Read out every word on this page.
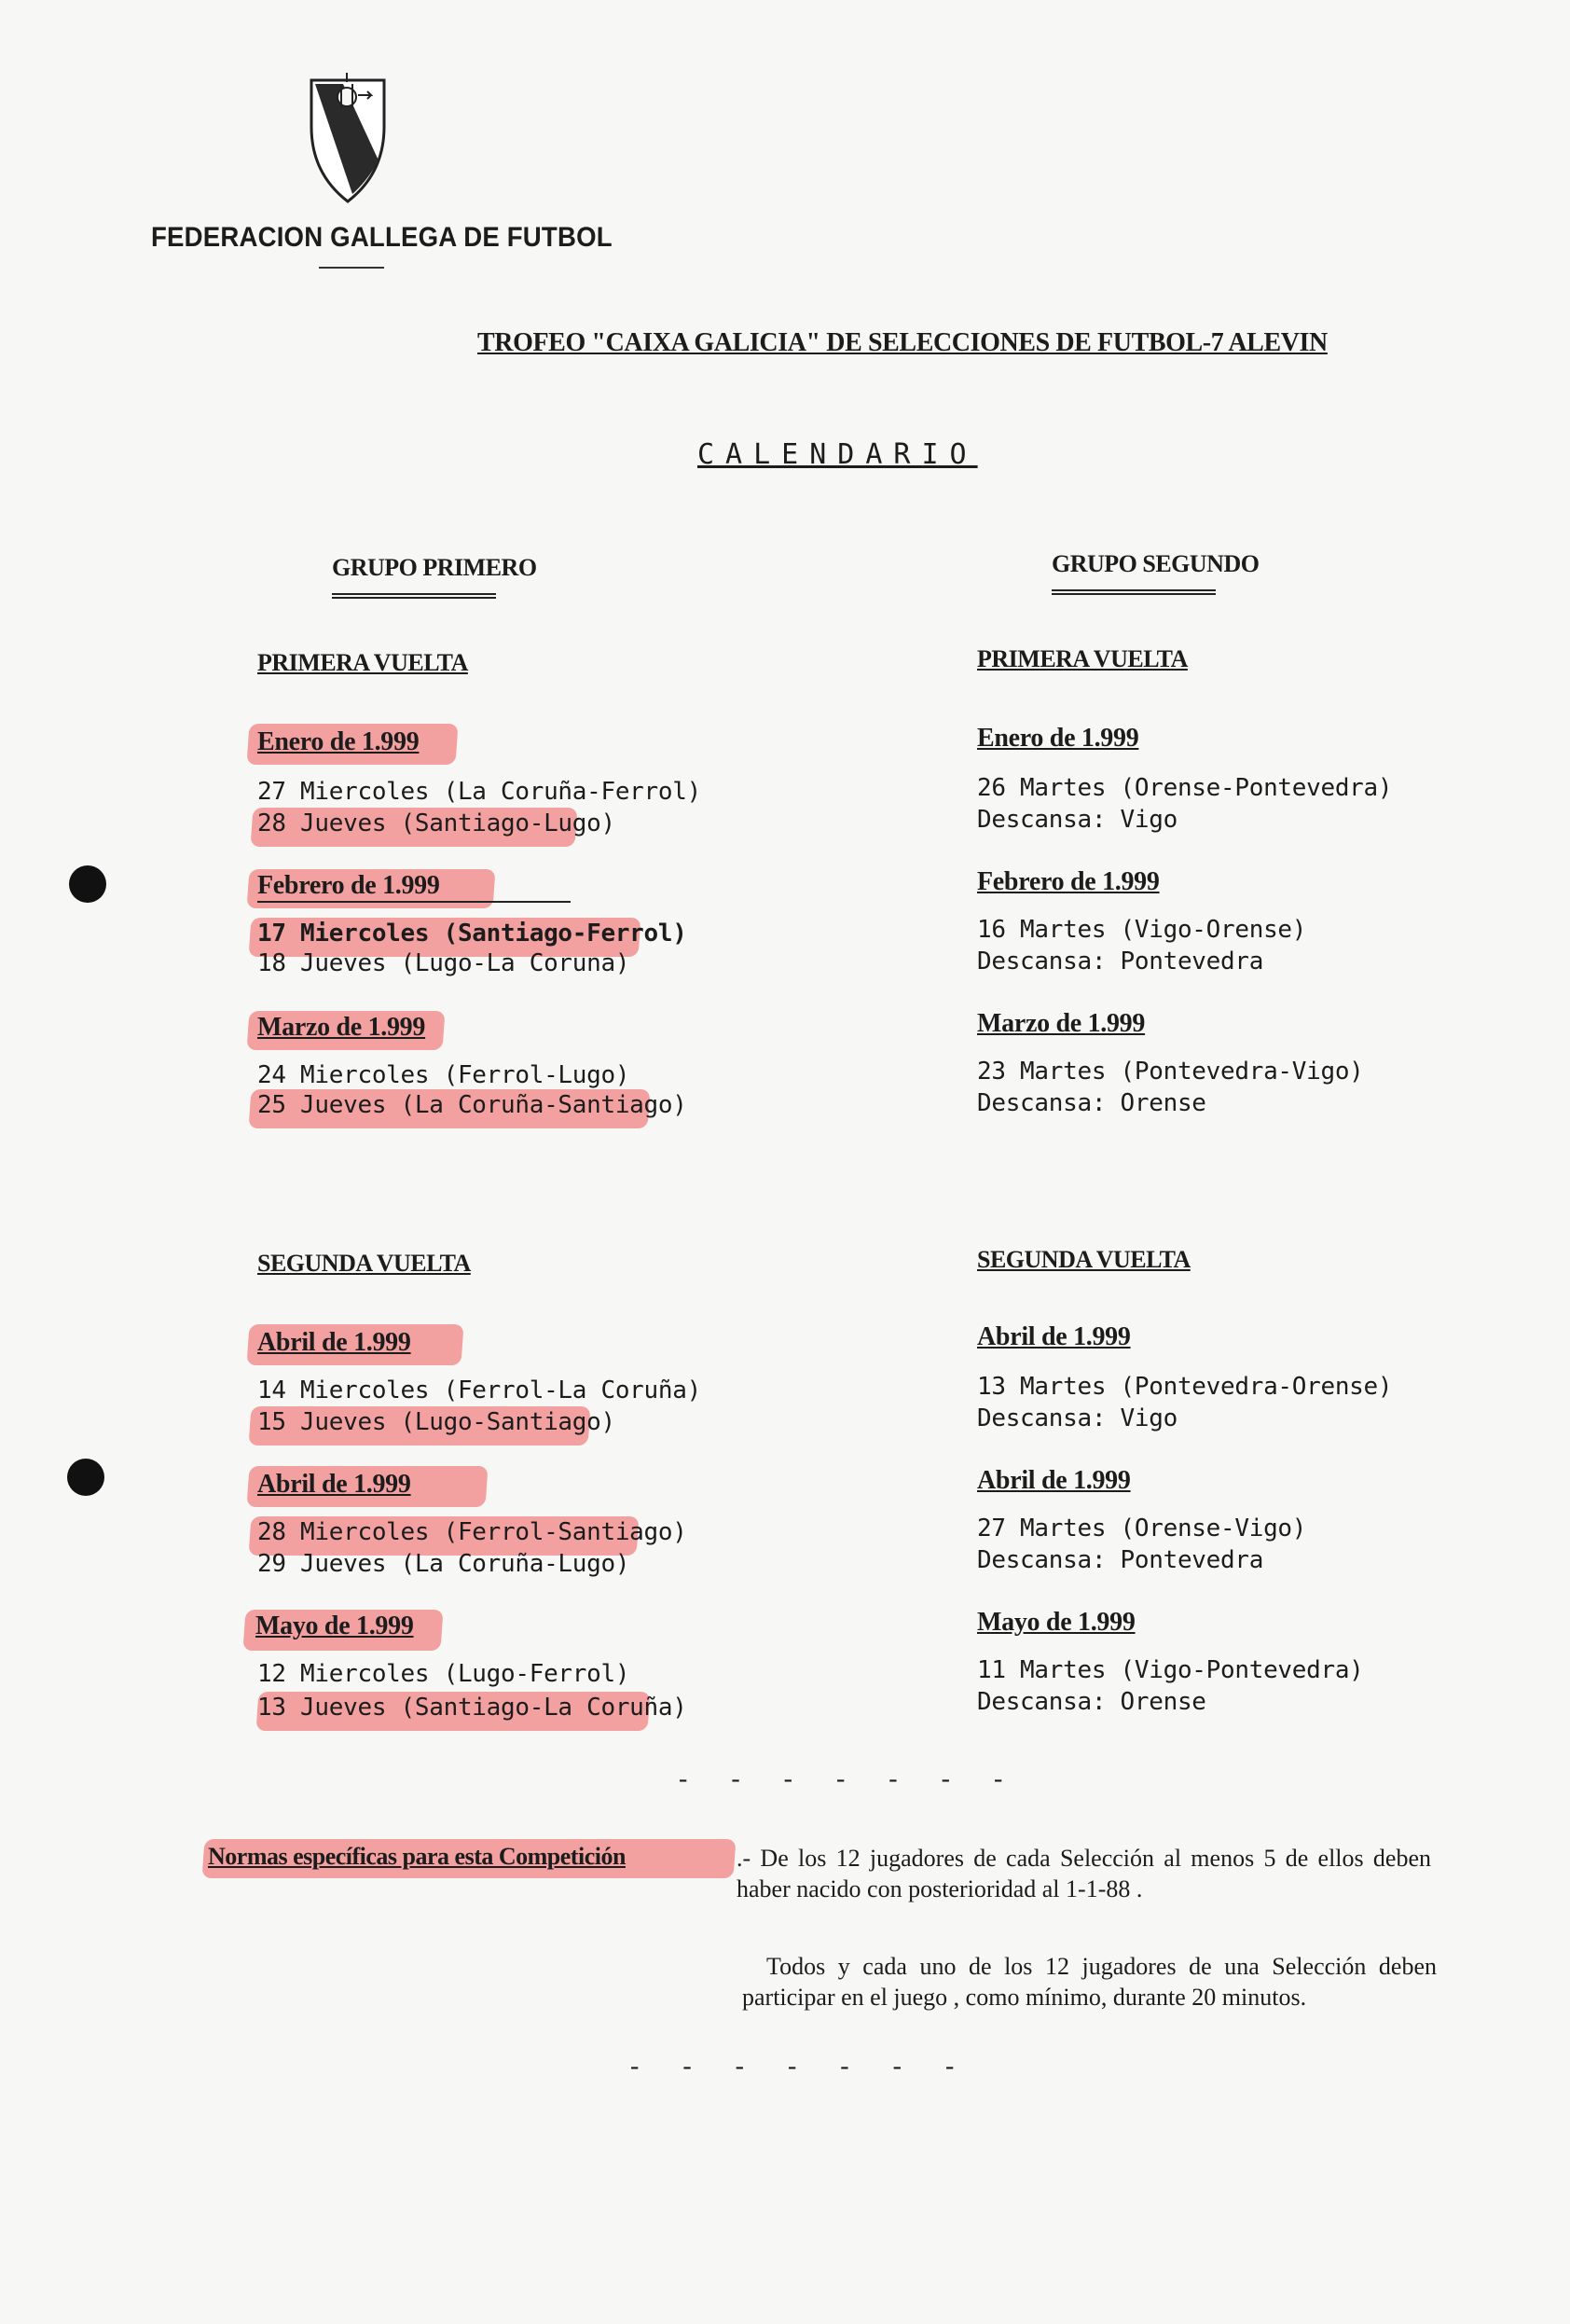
FEDERACION GALLEGA DE FUTBOL
TROFEO "CAIXA GALICIA" DE SELECCIONES DE FUTBOL-7 ALEVIN
CALENDARIO
GRUPO PRIMERO
PRIMERA VUELTA
Enero de 1.999
27 Miercoles (La Coruña-Ferrol)
28 Jueves (Santiago-Lugo)
Febrero de 1.999
17 Miercoles (Santiago-Ferrol)
18 Jueves (Lugo-La Coruna)
Marzo de 1.999
24 Miercoles (Ferrol-Lugo)
25 Jueves (La Coruña-Santiago)
SEGUNDA VUELTA
Abril de 1.999
14 Miercoles (Ferrol-La Coruña)
15 Jueves (Lugo-Santiago)
Abril de 1.999
28 Miercoles (Ferrol-Santiago)
29 Jueves (La Coruña-Lugo)
Mayo de 1.999
12 Miercoles (Lugo-Ferrol)
13 Jueves (Santiago-La Coruña)
GRUPO SEGUNDO
PRIMERA VUELTA
Enero de 1.999
26 Martes (Orense-Pontevedra)
Descansa: Vigo
Febrero de 1.999
16 Martes (Vigo-Orense)
Descansa: Pontevedra
Marzo de 1.999
23 Martes (Pontevedra-Vigo)
Descansa: Orense
SEGUNDA VUELTA
Abril de 1.999
13 Martes (Pontevedra-Orense)
Descansa: Vigo
Abril de 1.999
27 Martes (Orense-Vigo)
Descansa: Pontevedra
Mayo de 1.999
11 Martes (Vigo-Pontevedra)
Descansa: Orense
- - - - - - -
Normas específicas para esta Competición	.- De los 12 jugadores de cada Selección al menos 5 de ellos deben haber nacido con posterioridad al 1-1-88 .
Todos y cada uno de los 12 jugadores de una Selección deben participar en el juego , como mínimo, durante 20 minutos.
- - - - - - -
